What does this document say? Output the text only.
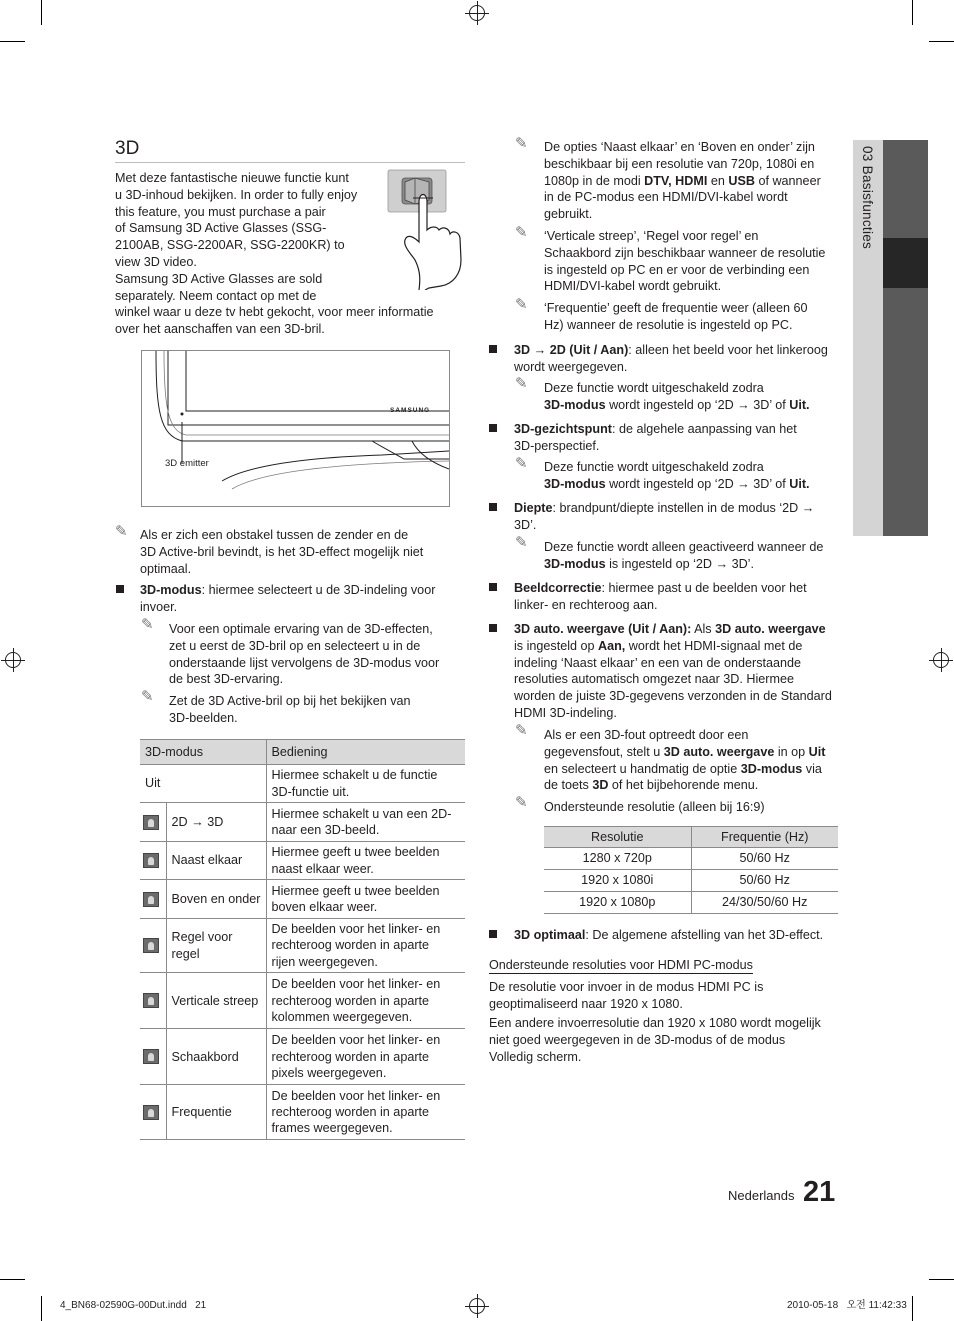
03 Basisfuncties
3D
Met deze fantastische nieuwe functie kunt
u 3D-inhoud bekijken. In order to fully enjoy
this feature, you must purchase a pair
of Samsung 3D Active Glasses (SSG-
2100AB, SSG-2200AR, SSG-2200KR) to
view 3D video.
Samsung 3D Active Glasses are sold
separately. Neem contact op met de
winkel waar u deze tv hebt gekocht, voor meer informatie
over het aanschaffen van een 3D-bril.
SAMSUNG
3D emitter
✎ Als er zich een obstakel tussen de zender en de
3D Active-bril bevindt, is het 3D-effect mogelijk niet
optimaal.
3D-modus: hiermee selecteert u de 3D-indeling voor
invoer.
✎ Voor een optimale ervaring van de 3D-effecten,
zet u eerst de 3D-bril op en selecteert u in de
onderstaande lijst vervolgens de 3D-modus voor
de best 3D-ervaring.
✎ Zet de 3D Active-bril op bij het bekijken van
3D-beelden.
3D-modus		Bediening
Uit		Hiermee schakelt u de functie
3D-functie uit.

	2D → 3D	Hiermee schakelt u van een 2D-
naar een 3D-beeld.

	Naast elkaar	Hiermee geeft u twee beelden
naast elkaar weer.

	Boven en onder	Hiermee geeft u twee beelden
boven elkaar weer.

	Regel voor regel	De beelden voor het linker- en
rechteroog worden in aparte
rijen weergegeven.

	Verticale streep	De beelden voor het linker- en
rechteroog worden in aparte
kolommen weergegeven.

	Schaakbord	De beelden voor het linker- en
rechteroog worden in aparte
pixels weergegeven.

	Frequentie	De beelden voor het linker- en
rechteroog worden in aparte
frames weergegeven.
✎ De opties ‘Naast elkaar’ en ‘Boven en onder’ zijn
beschikbaar bij een resolutie van 720p, 1080i en
1080p in de modi DTV, HDMI en USB of wanneer
in de PC-modus een HDMI/DVI-kabel wordt
gebruikt.
✎ ‘Verticale streep’, ‘Regel voor regel’ en
Schaakbord zijn beschikbaar wanneer de resolutie
is ingesteld op PC en er voor de verbinding een
HDMI/DVI-kabel wordt gebruikt.
✎ ‘Frequentie’ geeft de frequentie weer (alleen 60
Hz) wanneer de resolutie is ingesteld op PC.
3D → 2D (Uit / Aan): alleen het beeld voor het linkeroog
wordt weergegeven.
✎ Deze functie wordt uitgeschakeld zodra
3D-modus wordt ingesteld op ‘2D → 3D’ of Uit.
3D-gezichtspunt: de algehele aanpassing van het
3D-perspectief.
✎ Deze functie wordt uitgeschakeld zodra
3D-modus wordt ingesteld op ‘2D → 3D’ of Uit.
Diepte: brandpunt/diepte instellen in de modus ‘2D →
3D’.
✎ Deze functie wordt alleen geactiveerd wanneer de
3D-modus is ingesteld op ‘2D → 3D’.
Beeldcorrectie: hiermee past u de beelden voor het
linker- en rechteroog aan.
3D auto. weergave (Uit / Aan): Als 3D auto. weergave
is ingesteld op Aan, wordt het HDMI-signaal met de
indeling ‘Naast elkaar’ en een van de onderstaande
resoluties automatisch omgezet naar 3D. Hiermee
worden de juiste 3D-gegevens verzonden in de Standard
HDMI 3D-indeling.
✎ Als er een 3D-fout optreedt door een
gegevensfout, stelt u 3D auto. weergave in op Uit
en selecteert u handmatig de optie 3D-modus via
de toets 3D of het bijbehorende menu.
✎ Ondersteunde resolutie (alleen bij 16:9)
Resolutie	Frequentie (Hz)
1280 x 720p	50/60 Hz
1920 x 1080i	50/60 Hz
1920 x 1080p	24/30/50/60 Hz
3D optimaal: De algemene afstelling van het 3D-effect.
Ondersteunde resoluties voor HDMI PC-modus
De resolutie voor invoer in de modus HDMI PC is
geoptimaliseerd naar 1920 x 1080.
Een andere invoerresolutie dan 1920 x 1080 wordt mogelijk
niet goed weergegeven in de 3D-modus of de modus
Volledig scherm.
Nederlands 21
4_BN68-02590G-00Dut.indd   21	2010-05-18   오전 11:42:33
